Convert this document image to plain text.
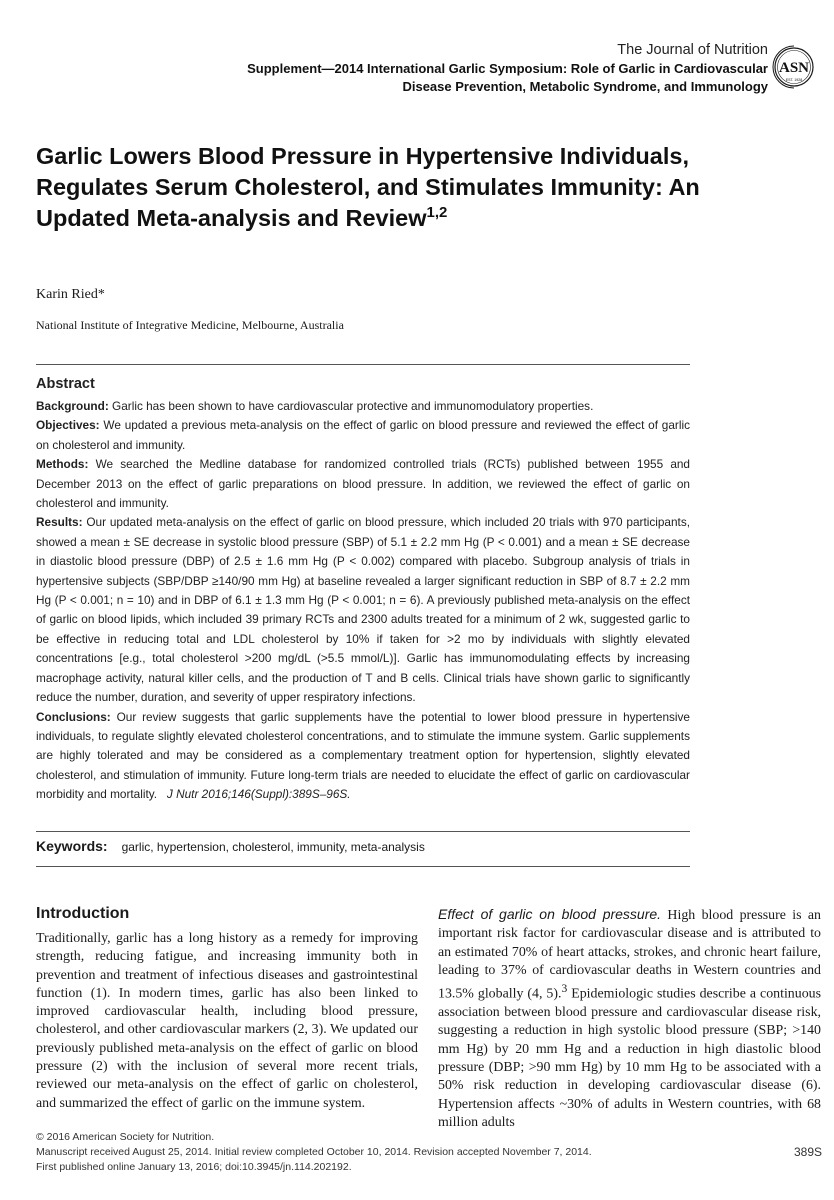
The Journal of Nutrition
Supplement—2014 International Garlic Symposium: Role of Garlic in Cardiovascular
Disease Prevention, Metabolic Syndrome, and Immunology
ASN
EST. 1928
Garlic Lowers Blood Pressure in Hypertensive Individuals, Regulates Serum Cholesterol, and Stimulates Immunity: An Updated Meta-analysis and Review$^{1,2}$
Karin Ried*
National Institute of Integrative Medicine, Melbourne, Australia
Abstract

Background: Garlic has been shown to have cardiovascular protective and immunomodulatory properties.

Objectives: We updated a previous meta-analysis on the effect of garlic on blood pressure and reviewed the effect of garlic on cholesterol and immunity.

Methods: We searched the Medline database for randomized controlled trials (RCTs) published between 1955 and December 2013 on the effect of garlic preparations on blood pressure. In addition, we reviewed the effect of garlic on cholesterol and immunity.

Results: Our updated meta-analysis on the effect of garlic on blood pressure, which included 20 trials with 970 participants, showed a mean ± SE decrease in systolic blood pressure (SBP) of 5.1 ± 2.2 mm Hg (P < 0.001) and a mean ± SE decrease in diastolic blood pressure (DBP) of 2.5 ± 1.6 mm Hg (P < 0.002) compared with placebo. Subgroup analysis of trials in hypertensive subjects (SBP/DBP ≥140/90 mm Hg) at baseline revealed a larger significant reduction in SBP of 8.7 ± 2.2 mm Hg (P < 0.001; n = 10) and in DBP of 6.1 ± 1.3 mm Hg (P < 0.001; n = 6). A previously published meta-analysis on the effect of garlic on blood lipids, which included 39 primary RCTs and 2300 adults treated for a minimum of 2 wk, suggested garlic to be effective in reducing total and LDL cholesterol by 10% if taken for >2 mo by individuals with slightly elevated concentrations [e.g., total cholesterol >200 mg/dL (>5.5 mmol/L)]. Garlic has immunomodulating effects by increasing macrophage activity, natural killer cells, and the production of T and B cells. Clinical trials have shown garlic to significantly reduce the number, duration, and severity of upper respiratory infections.

Conclusions: Our review suggests that garlic supplements have the potential to lower blood pressure in hypertensive individuals, to regulate slightly elevated cholesterol concentrations, and to stimulate the immune system. Garlic supplements are highly tolerated and may be considered as a complementary treatment option for hypertension, slightly elevated cholesterol, and stimulation of immunity. Future long-term trials are needed to elucidate the effect of garlic on cardiovascular morbidity and mortality. J Nutr 2016;146(Suppl):389S–96S.

Keywords: garlic, hypertension, cholesterol, immunity, meta-analysis
Introduction

Traditionally, garlic has a long history as a remedy for improving strength, reducing fatigue, and increasing immunity both in prevention and treatment of infectious diseases and gastrointestinal function (1). In modern times, garlic has also been linked to improved cardiovascular health, including blood pressure, cholesterol, and other cardiovascular markers (2, 3). We updated our previously published meta-analysis on the effect of garlic on blood pressure (2) with the inclusion of several more recent trials, reviewed our meta-analysis on the effect of garlic on cholesterol, and summarized the effect of garlic on the immune system.

Effect of garlic on blood pressure. High blood pressure is an important risk factor for cardiovascular disease and is attributed to an estimated 70% of heart attacks, strokes, and chronic heart failure, leading to 37% of cardiovascular deaths in Western countries and 13.5% globally (4, 5).$^3$ Epidemiologic studies describe a continuous association between blood pressure and cardiovascular disease risk, suggesting a reduction in high systolic blood pressure (SBP; >140 mm Hg) by 20 mm Hg and a reduction in high diastolic blood pressure (DBP; >90 mm Hg) by 10 mm Hg to be associated with a 50% risk reduction in developing cardiovascular disease (6). Hypertension affects ~30% of adults in Western countries, with 68 million adults

© 2016 American Society for Nutrition.
Manuscript received August 25, 2014. Initial review completed October 10, 2014. Revision accepted November 7, 2014.
First published online January 13, 2016; doi:10.3945/jn.114.202192.
389S
